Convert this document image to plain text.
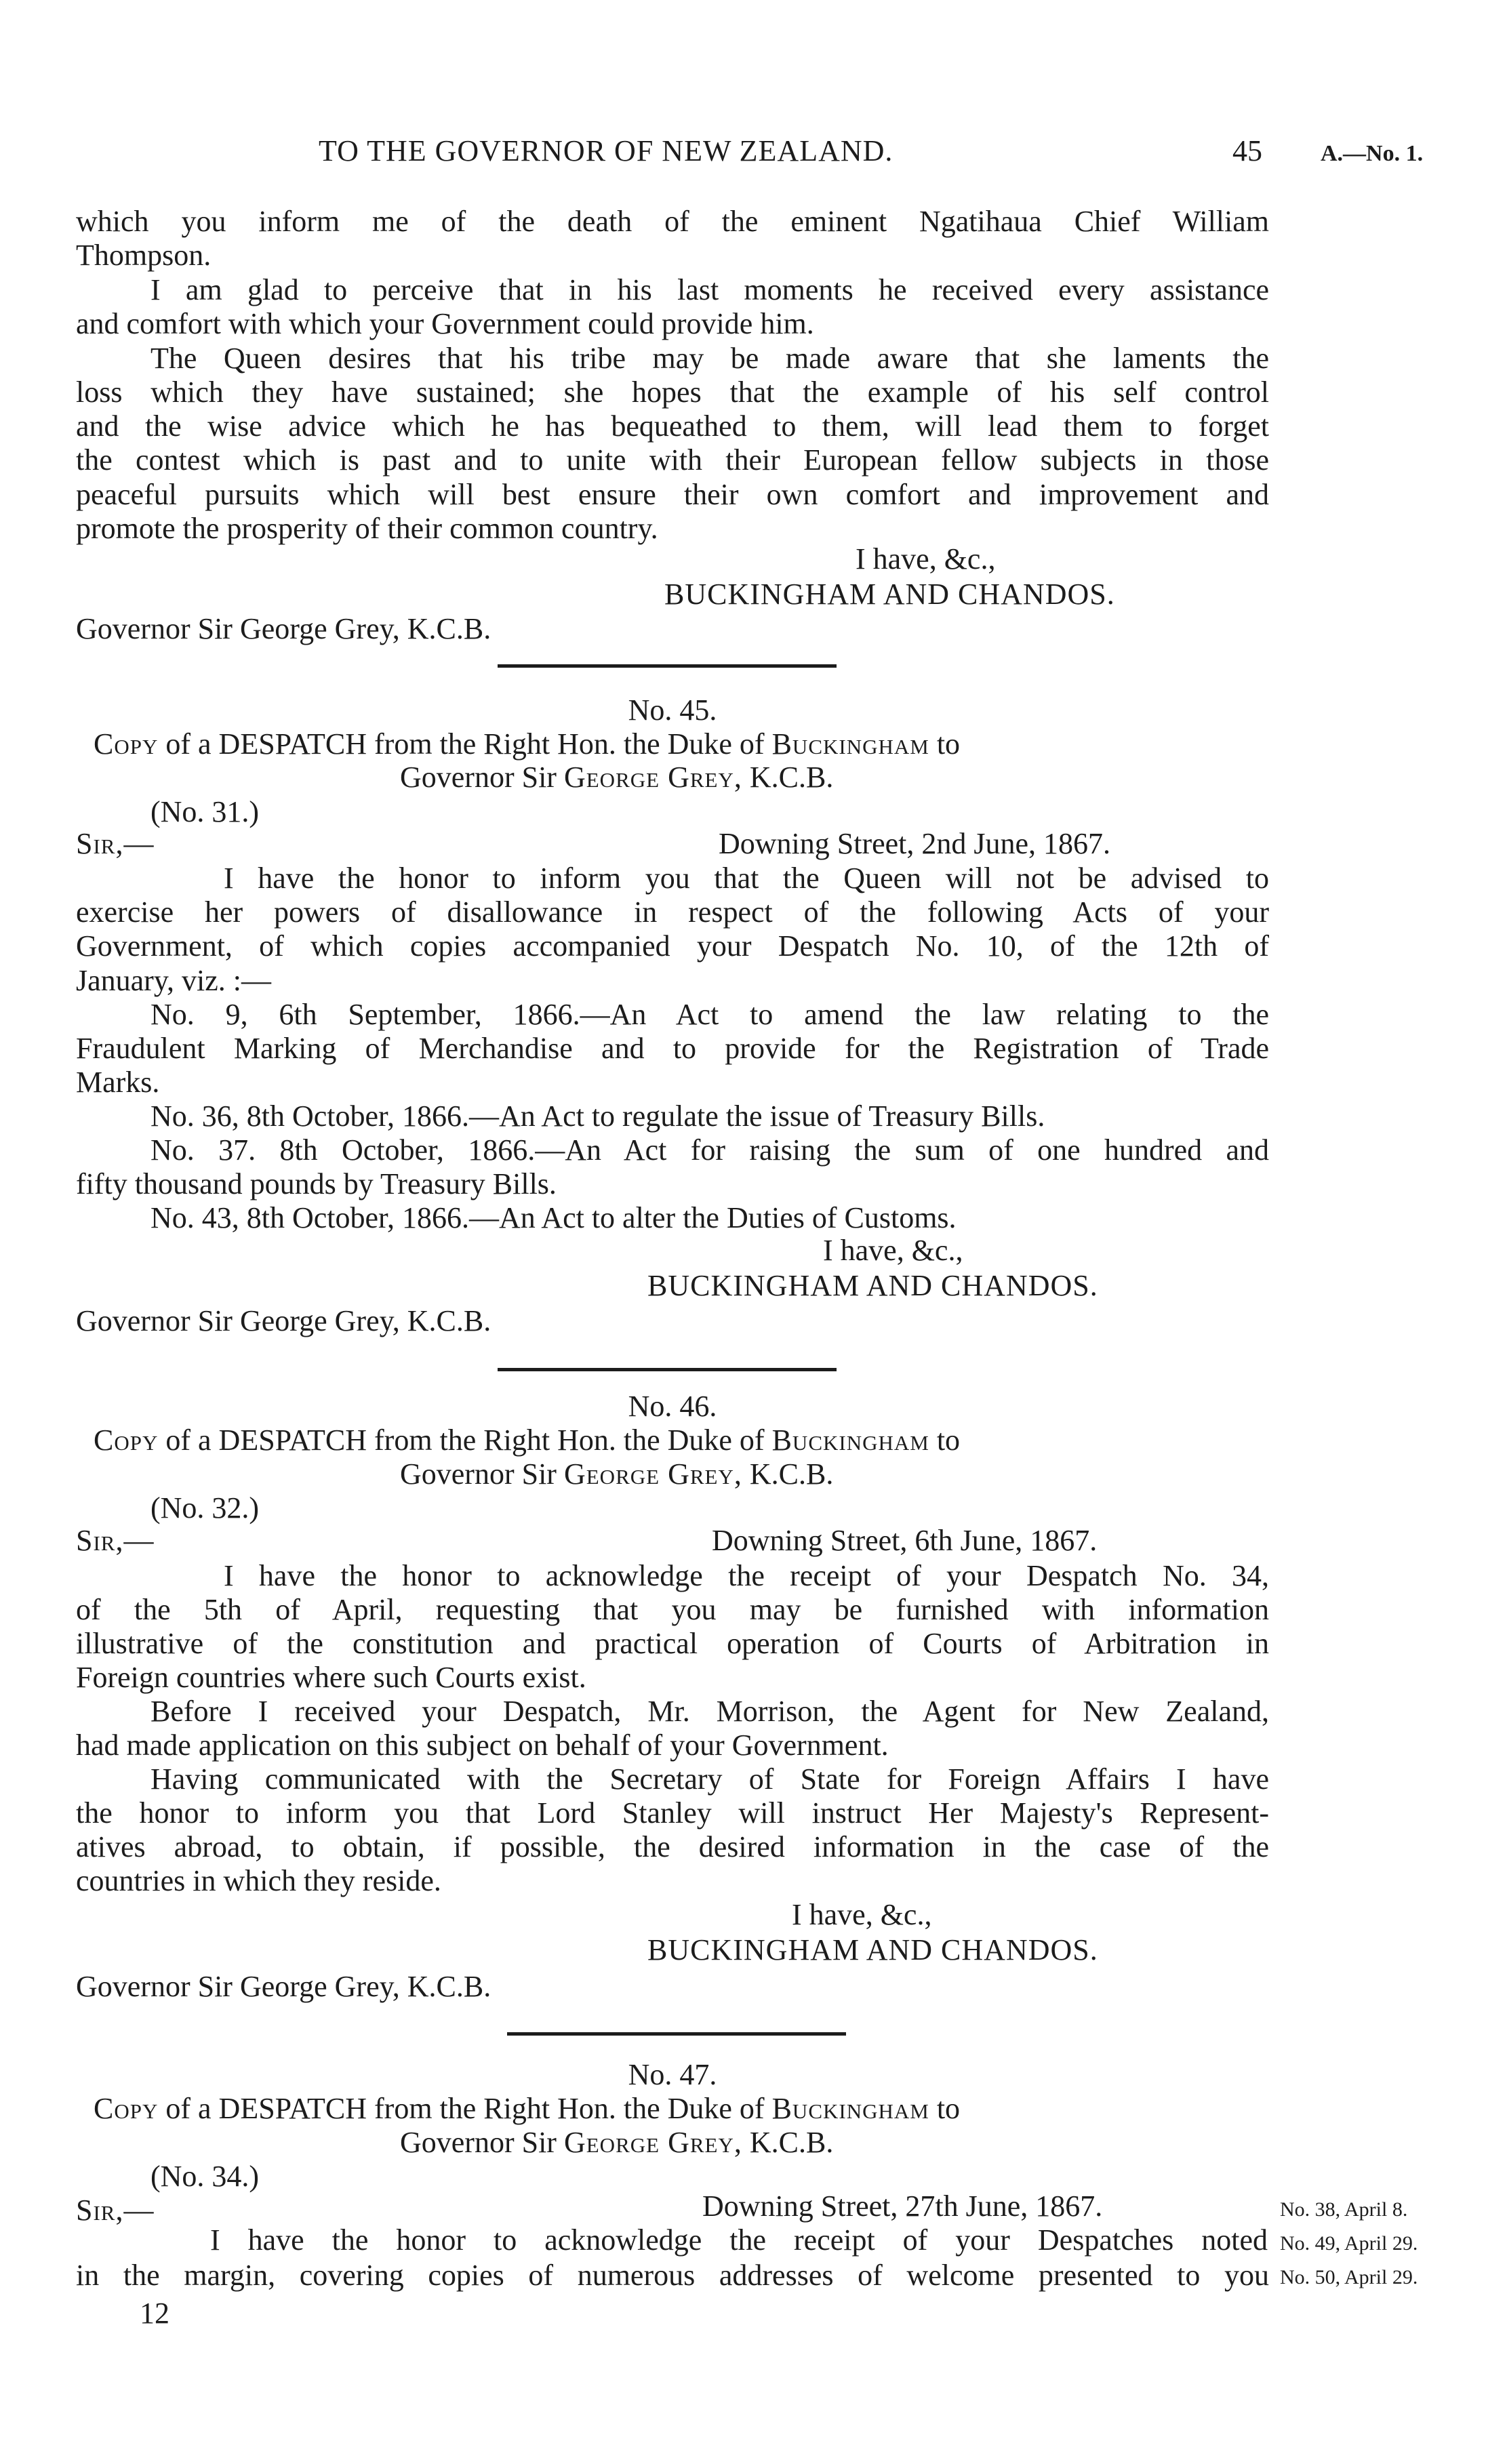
TO THE GOVERNOR OF NEW ZEALAND.	45	A.—No. 1.
which you inform me of the death of the eminent Ngatihaua Chief William
Thompson.
I am glad to perceive that in his last moments he received every assistance
and comfort with which your Government could provide him.
The Queen desires that his tribe may be made aware that she laments the
loss which they have sustained; she hopes that the example of his self control
and the wise advice which he has bequeathed to them, will lead them to forget
the contest which is past and to unite with their European fellow subjects in those
peaceful pursuits which will best ensure their own comfort and improvement and
promote the prosperity of their common country.
I have, &c.,
BUCKINGHAM AND CHANDOS.
Governor Sir George Grey, K.C.B.
No. 45.
Copy of a DESPATCH from the Right Hon. the Duke of Buckingham to
Governor Sir George Grey, K.C.B.
(No. 31.)
Sir,—	Downing Street, 2nd June, 1867.
I have the honor to inform you that the Queen will not be advised to
exercise her powers of disallowance in respect of the following Acts of your
Government, of which copies accompanied your Despatch No. 10, of the 12th of
January, viz. :—
No. 9, 6th September, 1866.—An Act to amend the law relating to the
Fraudulent Marking of Merchandise and to provide for the Registration of Trade
Marks.
No. 36, 8th October, 1866.—An Act to regulate the issue of Treasury Bills.
No. 37. 8th October, 1866.—An Act for raising the sum of one hundred and
fifty thousand pounds by Treasury Bills.
No. 43, 8th October, 1866.—An Act to alter the Duties of Customs.
I have, &c.,
BUCKINGHAM AND CHANDOS.
Governor Sir George Grey, K.C.B.
No. 46.
Copy of a DESPATCH from the Right Hon. the Duke of Buckingham to
Governor Sir George Grey, K.C.B.
(No. 32.)
Sir,—	Downing Street, 6th June, 1867.
I have the honor to acknowledge the receipt of your Despatch No. 34,
of the 5th of April, requesting that you may be furnished with information
illustrative of the constitution and practical operation of Courts of Arbitration in
Foreign countries where such Courts exist.
Before I received your Despatch, Mr. Morrison, the Agent for New Zealand,
had made application on this subject on behalf of your Government.
Having communicated with the Secretary of State for Foreign Affairs I have
the honor to inform you that Lord Stanley will instruct Her Majesty's Represent-
atives abroad, to obtain, if possible, the desired information in the case of the
countries in which they reside.
I have, &c.,
BUCKINGHAM AND CHANDOS.
Governor Sir George Grey, K.C.B.
No. 47.
Copy of a DESPATCH from the Right Hon. the Duke of Buckingham to
Governor Sir George Grey, K.C.B.
(No. 34.)
Sir,—	Downing Street, 27th June, 1867.
I have the honor to acknowledge the receipt of your Despatches noted
in the margin, covering copies of numerous addresses of welcome presented to you
No. 38, April 8.
No. 49, April 29.
No. 50, April 29.
12
